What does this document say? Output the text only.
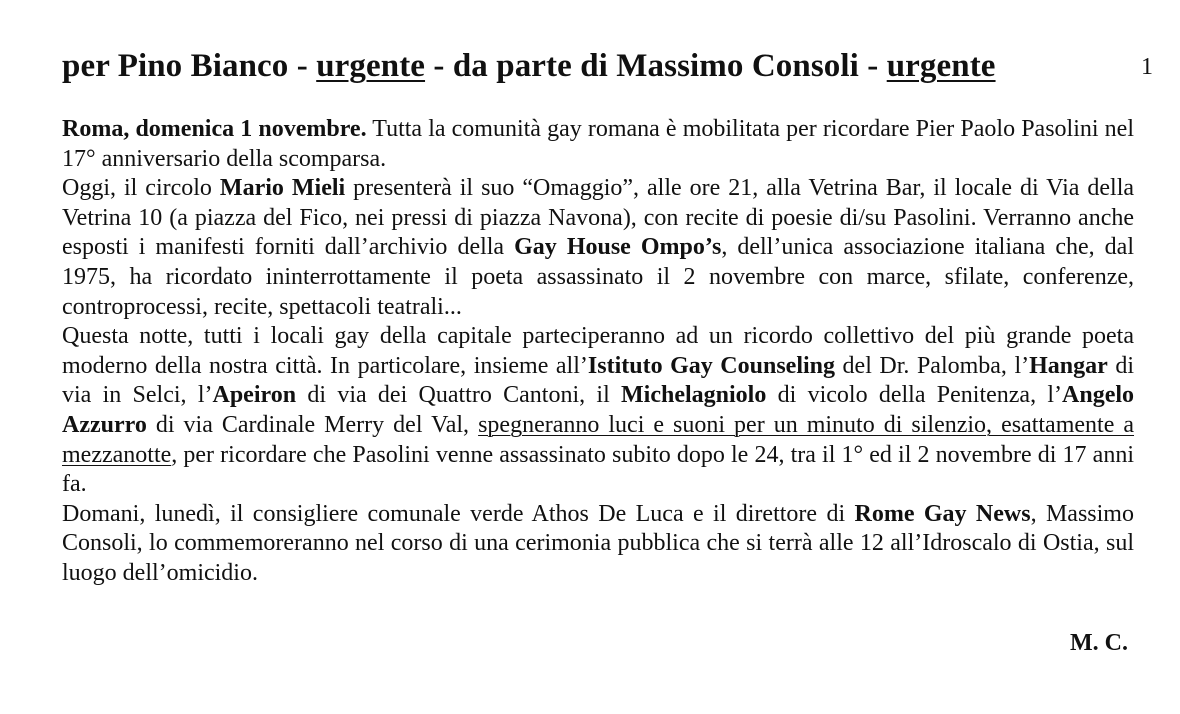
per Pino Bianco - urgente - da parte di Massimo Consoli - urgente	1

Roma, domenica 1 novembre. Tutta la comunità gay romana è mobilitata per ricordare Pier Paolo Pasolini nel 17° anniversario della scomparsa.

Oggi, il circolo Mario Mieli presenterà il suo “Omaggio”, alle ore 21, alla Vetrina Bar, il locale di Via della Vetrina 10 (a piazza del Fico, nei pressi di piazza Navona), con recite di poesie di/su Pasolini. Verranno anche esposti i manifesti forniti dall’archivio della Gay House Ompo’s, dell’unica associazione italiana che, dal 1975, ha ricordato ininterrottamente il poeta assassinato il 2 novembre con marce, sfilate, conferenze, controprocessi, recite, spettacoli teatrali...

Questa notte, tutti i locali gay della capitale parteciperanno ad un ricordo collettivo del più grande poeta moderno della nostra città. In particolare, insieme all’Istituto Gay Counseling del Dr. Palomba, l’Hangar di via in Selci, l’Apeiron di via dei Quattro Cantoni, il Michelagniolo di vicolo della Penitenza, l’Angelo Azzurro di via Cardinale Merry del Val, spegneranno luci e suoni per un minuto di silenzio, esattamente a mezzanotte, per ricordare che Pasolini venne assassinato subito dopo le 24, tra il 1° ed il 2 novembre di 17 anni fa.

Domani, lunedì, il consigliere comunale verde Athos De Luca e il direttore di Rome Gay News, Massimo Consoli, lo commemoreranno nel corso di una cerimonia pubblica che si terrà alle 12 all’Idroscalo di Ostia, sul luogo dell’omicidio.

M. C.
